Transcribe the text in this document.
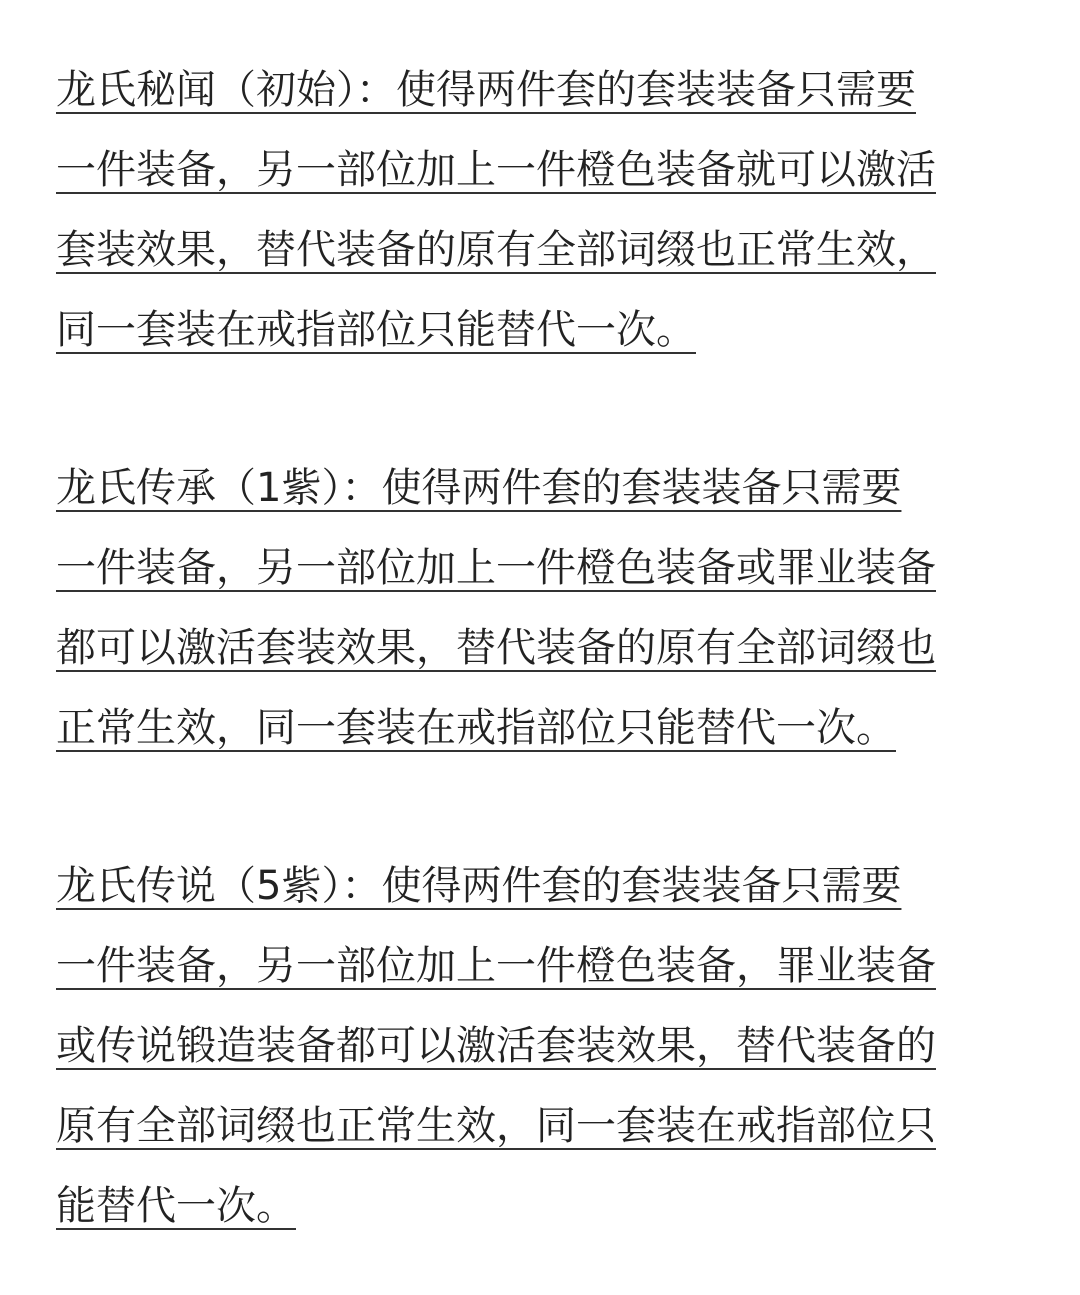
龙氏秘闻（初始）：使得两件套的套装装备只需要
一件装备，另一部位加上一件橙色装备就可以激活
套装效果，替代装备的原有全部词缀也正常生效，
同一套装在戒指部位只能替代一次。
龙氏传承（1紫）：使得两件套的套装装备只需要
一件装备，另一部位加上一件橙色装备或罪业装备
都可以激活套装效果，替代装备的原有全部词缀也
正常生效，同一套装在戒指部位只能替代一次。
龙氏传说（5紫）：使得两件套的套装装备只需要
一件装备，另一部位加上一件橙色装备，罪业装备
或传说锻造装备都可以激活套装效果，替代装备的
原有全部词缀也正常生效，同一套装在戒指部位只
能替代一次。
